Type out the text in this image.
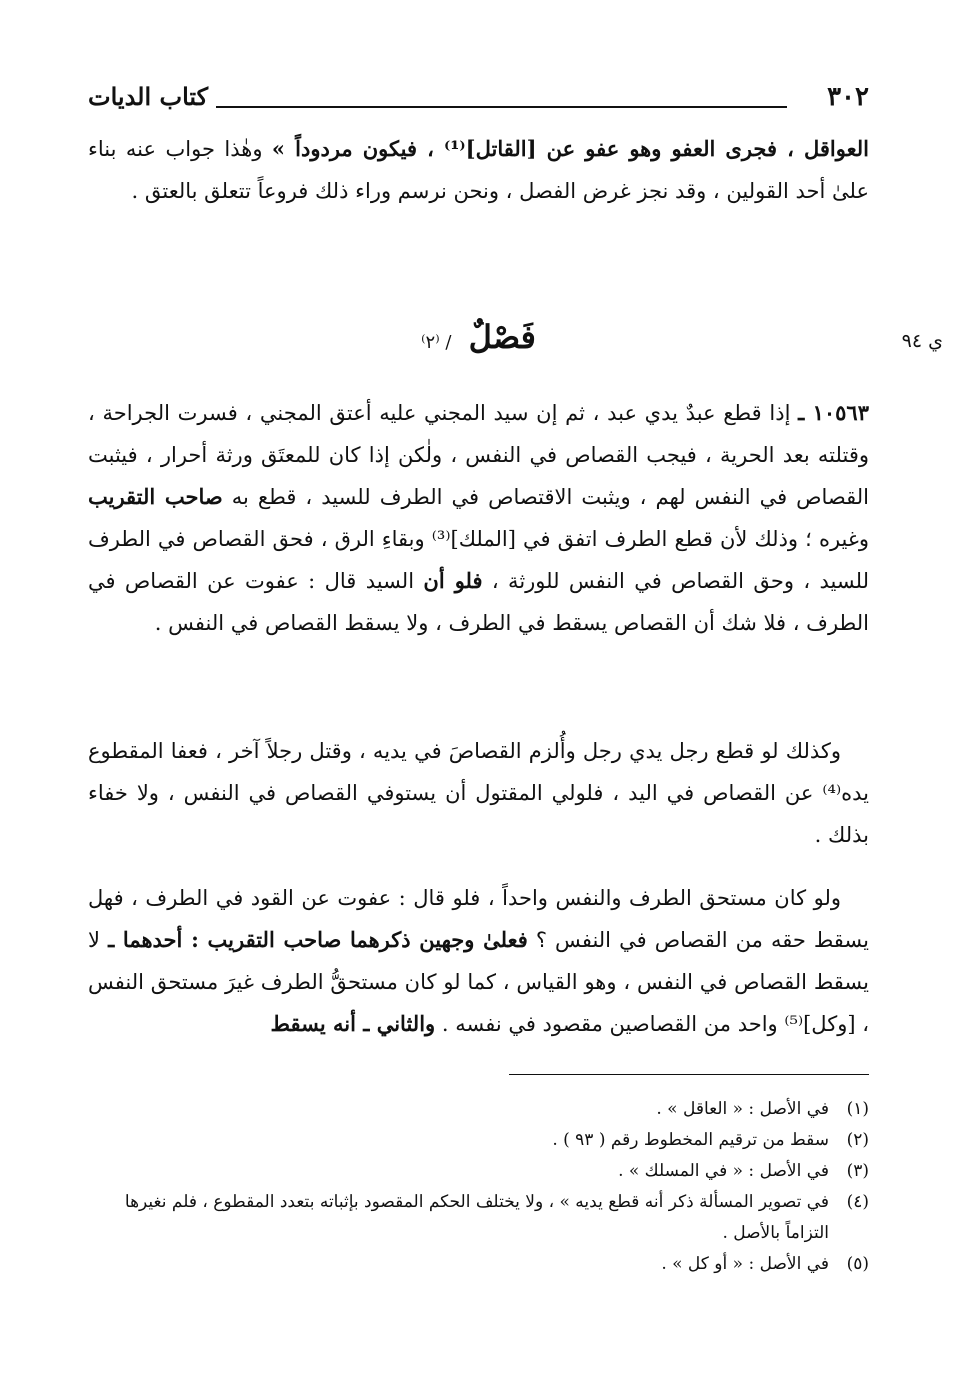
٣٠٢
كتاب الديات
ي ٩٤
العواقل ، فجرى العفو وهو عفو عن [القاتل]⁽¹⁾ ، فيكون مردوداً » وهٰذا جواب عنه بناء علىٰ أحد القولين ، وقد نجز غرض الفصل ، ونحن نرسم وراء ذلك فروعاً تتعلق بالعتق .
فَصْلٌ / ⁽٢⁾
١٠٥٦٣ ـ إذا قطع عبدٌ يدي عبد ، ثم إن سيد المجني عليه أعتق المجني ، فسرت الجراحة ، وقتلته بعد الحرية ، فيجب القصاص في النفس ، ولٰكن إذا كان للمعتَق ورثة أحرار ، فيثبت القصاص في النفس لهم ، ويثبت الاقتصاص في الطرف للسيد ، قطع به صاحب التقريب وغيره ؛ وذلك لأن قطع الطرف اتفق في [الملك]⁽³⁾ وبقاءِ الرق ، فحق القصاص في الطرف للسيد ، وحق القصاص في النفس للورثة ، فلو أن السيد قال : عفوت عن القصاص في الطرف ، فلا شك أن القصاص يسقط في الطرف ، ولا يسقط القصاص في النفس .
وكذلك لو قطع رجل يدي رجل وأُلزم القصاصَ في يديه ، وقتل رجلاً آخر ، فعفا المقطوع يده⁽⁴⁾ عن القصاص في اليد ، فلولي المقتول أن يستوفي القصاص في النفس ، ولا خفاء بذلك .
ولو كان مستحق الطرف والنفس واحداً ، فلو قال : عفوت عن القود في الطرف ، فهل يسقط حقه من القصاص في النفس ؟ فعلىٰ وجهين ذكرهما صاحب التقريب : أحدهما ـ لا يسقط القصاص في النفس ، وهو القياس ، كما لو كان مستحقُّ الطرف غيرَ مستحق النفس ، [وكل]⁽⁵⁾ واحد من القصاصين مقصود في نفسه . والثاني ـ أنه يسقط
(١)
في الأصل : « العاقل » .
(٢)
سقط من ترقيم المخطوط رقم ( ٩٣ ) .
(٣)
في الأصل : « في المسلك » .
(٤)
في تصوير المسألة ذكر أنه قطع يديه » ، ولا يختلف الحكم المقصود بإثباته بتعدد المقطوع ، فلم نغيرها التزاماً بالأصل .
(٥)
في الأصل : « أو كل » .
